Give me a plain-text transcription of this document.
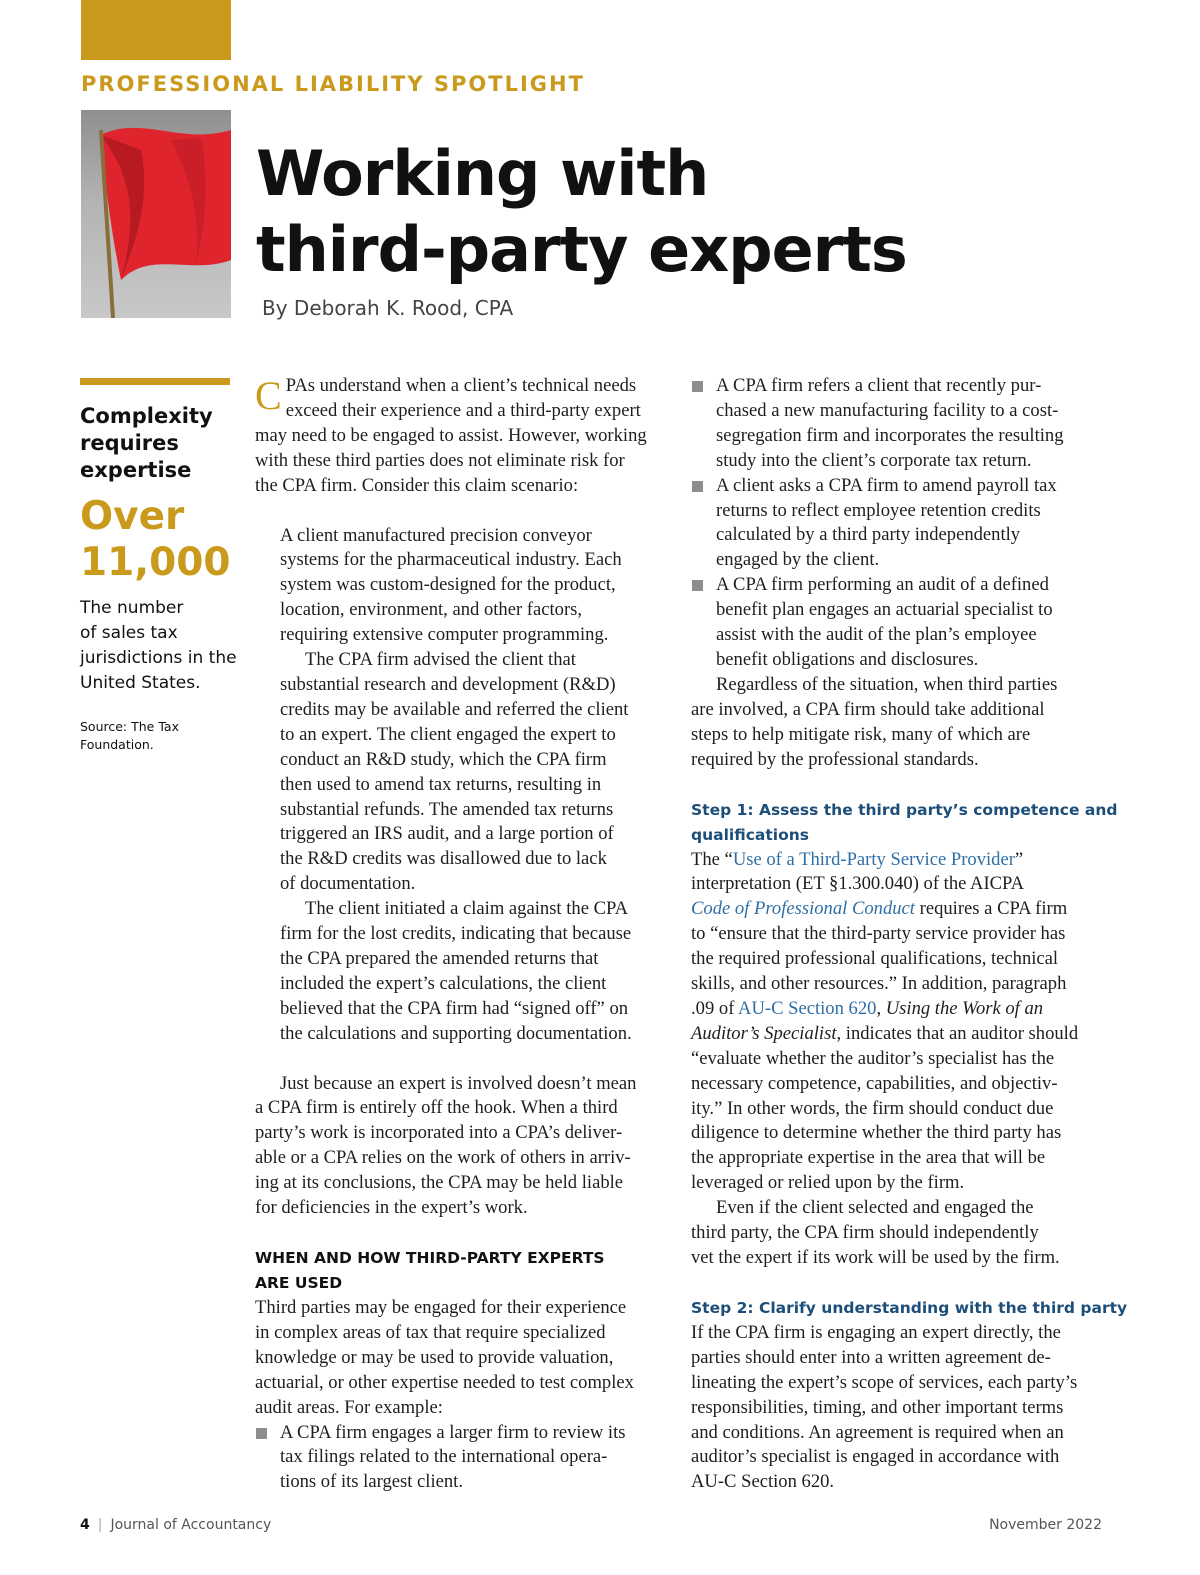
PROFESSIONAL LIABILITY SPOTLIGHT
Working with
third-party experts
By Deborah K. Rood, CPA
Complexity
requires
expertise
Over
11,000
The number
of sales tax
jurisdictions in the
United States.
Source: The Tax
Foundation.
C PAs understand when a client’s technical needs
exceed their experience and a third-party expert
may need to be engaged to assist. However, working
with these third parties does not eliminate risk for
the CPA firm. Consider this claim scenario:
A client manufactured precision conveyor
systems for the pharmaceutical industry. Each
system was custom-designed for the product,
location, environment, and other factors,
requiring extensive computer programming.
The CPA firm advised the client that
substantial research and development (R&D)
credits may be available and referred the client
to an expert. The client engaged the expert to
conduct an R&D study, which the CPA firm
then used to amend tax returns, resulting in
substantial refunds. The amended tax returns
triggered an IRS audit, and a large portion of
the R&D credits was disallowed due to lack
of documentation.
The client initiated a claim against the CPA
firm for the lost credits, indicating that because
the CPA prepared the amended returns that
included the expert’s calculations, the client
believed that the CPA firm had “signed off” on
the calculations and supporting documentation.
Just because an expert is involved doesn’t mean
a CPA firm is entirely off the hook. When a third
party’s work is incorporated into a CPA’s deliver-
able or a CPA relies on the work of others in arriv-
ing at its conclusions, the CPA may be held liable
for deficiencies in the expert’s work.
WHEN AND HOW THIRD-PARTY EXPERTS
ARE USED
Third parties may be engaged for their experience
in complex areas of tax that require specialized
knowledge or may be used to provide valuation,
actuarial, or other expertise needed to test complex
audit areas. For example:
A CPA firm engages a larger firm to review its
tax filings related to the international opera-
tions of its largest client.
A CPA firm refers a client that recently pur-
chased a new manufacturing facility to a cost-
segregation firm and incorporates the resulting
study into the client’s corporate tax return.
A client asks a CPA firm to amend payroll tax
returns to reflect employee retention credits
calculated by a third party independently
engaged by the client.
A CPA firm performing an audit of a defined
benefit plan engages an actuarial specialist to
assist with the audit of the plan’s employee
benefit obligations and disclosures.
Regardless of the situation, when third parties
are involved, a CPA firm should take additional
steps to help mitigate risk, many of which are
required by the professional standards.
Step 1: Assess the third party’s competence and
qualifications
The “Use of a Third-Party Service Provider”
interpretation (ET §1.300.040) of the AICPA
Code of Professional Conduct requires a CPA firm
to “ensure that the third-party service provider has
the required professional qualifications, technical
skills, and other resources.” In addition, paragraph
.09 of AU-C Section 620, Using the Work of an
Auditor’s Specialist, indicates that an auditor should
“evaluate whether the auditor’s specialist has the
necessary competence, capabilities, and objectiv-
ity.” In other words, the firm should conduct due
diligence to determine whether the third party has
the appropriate expertise in the area that will be
leveraged or relied upon by the firm.
Even if the client selected and engaged the
third party, the CPA firm should independently
vet the expert if its work will be used by the firm.
Step 2: Clarify understanding with the third party
If the CPA firm is engaging an expert directly, the
parties should enter into a written agreement de-
lineating the expert’s scope of services, each party’s
responsibilities, timing, and other important terms
and conditions. An agreement is required when an
auditor’s specialist is engaged in accordance with
AU-C Section 620.
4 | Journal of Accountancy	November 2022
